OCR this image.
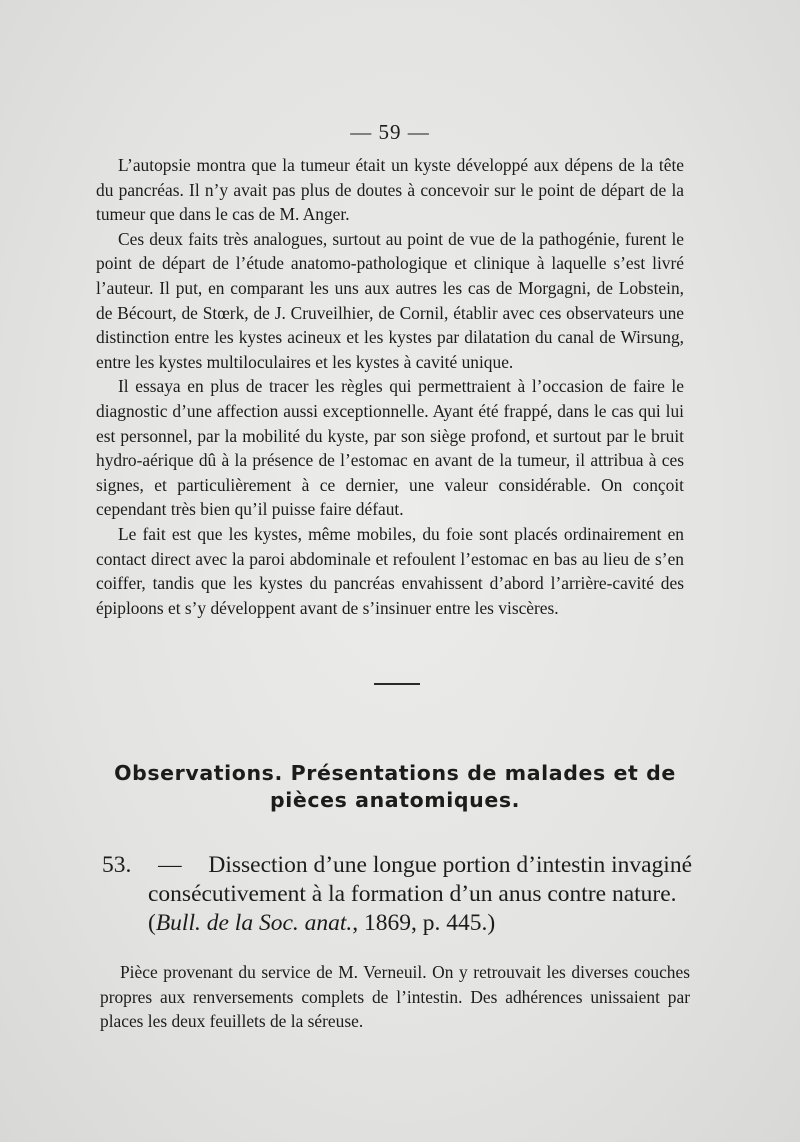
— 59 —

L’autopsie montra que la tumeur était un kyste développé aux dépens de la tête du pancréas. Il n’y avait pas plus de doutes à concevoir sur le point de départ de la tumeur que dans le cas de M. Anger.

Ces deux faits très analogues, surtout au point de vue de la pathogénie, furent le point de départ de l’étude anatomo-pathologique et clinique à laquelle s’est livré l’auteur. Il put, en comparant les uns aux autres les cas de Morgagni, de Lobstein, de Bécourt, de Stœrk, de J. Cruveilhier, de Cornil, établir avec ces observateurs une distinction entre les kystes acineux et les kystes par dilatation du canal de Wirsung, entre les kystes multiloculaires et les kystes à cavité unique.

Il essaya en plus de tracer les règles qui permettraient à l’occasion de faire le diagnostic d’une affection aussi exceptionnelle. Ayant été frappé, dans le cas qui lui est personnel, par la mobilité du kyste, par son siège profond, et surtout par le bruit hydro-aérique dû à la présence de l’estomac en avant de la tumeur, il attribua à ces signes, et particulièrement à ce dernier, une valeur considérable. On conçoit cependant très bien qu’il puisse faire défaut.

Le fait est que les kystes, même mobiles, du foie sont placés ordinairement en contact direct avec la paroi abdominale et refoulent l’estomac en bas au lieu de s’en coiffer, tandis que les kystes du pancréas envahissent d’abord l’arrière-cavité des épiploons et s’y développent avant de s’insinuer entre les viscères.

Observations. Présentations de malades et de pièces anatomiques.
53. — Dissection d’une longue portion d’intestin invaginé
consécutivement à la formation d’un anus contre nature.
(Bull. de la Soc. anat., 1869, p. 445.)

Pièce provenant du service de M. Verneuil. On y retrouvait les diverses couches propres aux renversements complets de l’intestin. Des adhérences unissaient par places les deux feuillets de la séreuse.
